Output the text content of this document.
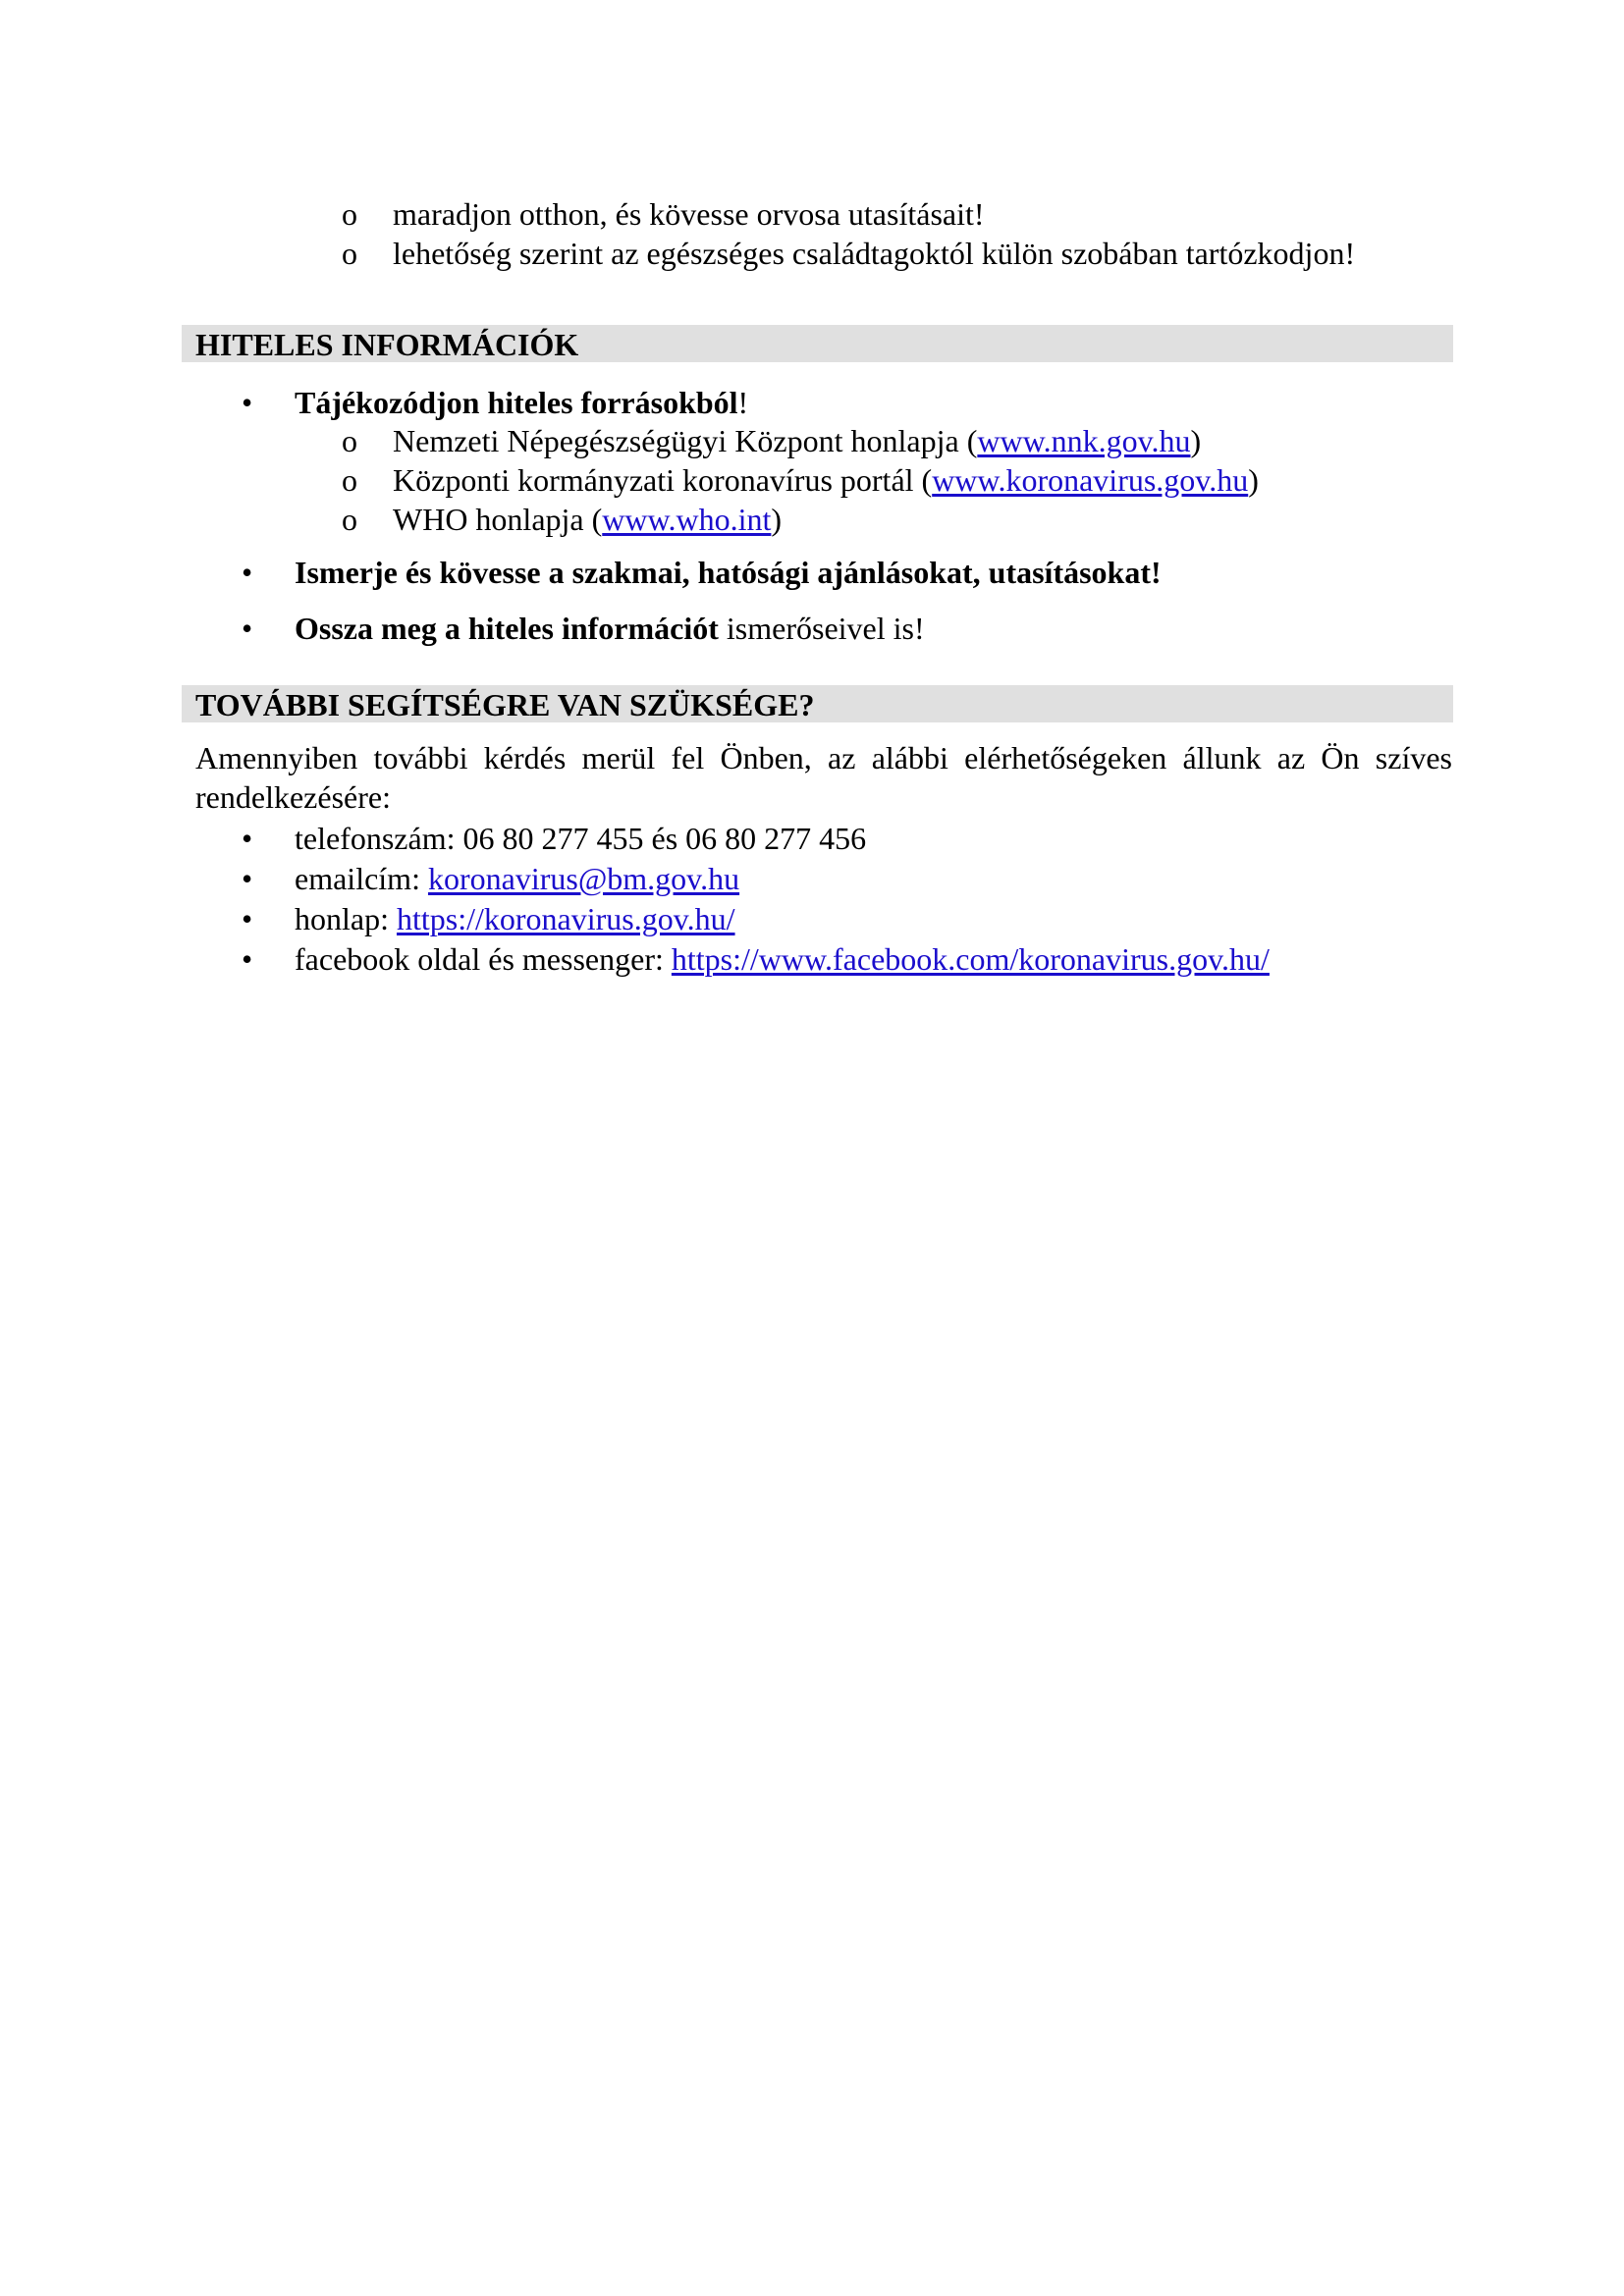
o	maradjon otthon, és kövesse orvosa utasításait!
o	lehetőség szerint az egészséges családtagoktól külön szobában tartózkodjon!
HITELES INFORMÁCIÓK
•	Tájékozódjon hiteles forrásokból!
o	Nemzeti Népegészségügyi Központ honlapja (www.nnk.gov.hu)
o	Központi kormányzati koronavírus portál (www.koronavirus.gov.hu)
o	WHO honlapja (www.who.int)
•	Ismerje és kövesse a szakmai, hatósági ajánlásokat, utasításokat!
•	Ossza meg a hiteles információt ismerőseivel is!
TOVÁBBI SEGÍTSÉGRE VAN SZÜKSÉGE?
Amennyiben további kérdés merül fel Önben, az alábbi elérhetőségeken állunk az Ön szíves rendelkezésére:
• telefonszám: 06 80 277 455 és 06 80 277 456
• emailcím: koronavirus@bm.gov.hu
• honlap: https://koronavirus.gov.hu/
• facebook oldal és messenger: https://www.facebook.com/koronavirus.gov.hu/
